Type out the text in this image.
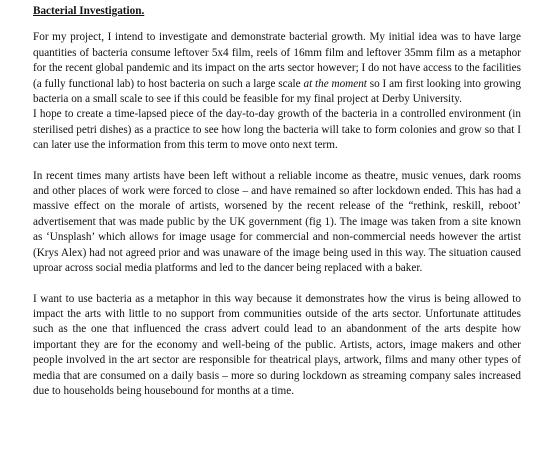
Bacterial Investigation.

For my project, I intend to investigate and demonstrate bacterial growth. My initial idea was to have large quantities of bacteria consume leftover 5x4 film, reels of 16mm film and leftover 35mm film as a metaphor for the recent global pandemic and its impact on the arts sector however; I do not have access to the facilities (a fully functional lab) to host bacteria on such a large scale at the moment so I am first looking into growing bacteria on a small scale to see if this could be feasible for my final project at Derby University.

I hope to create a time-lapsed piece of the day-to-day growth of the bacteria in a controlled environment (in sterilised petri dishes) as a practice to see how long the bacteria will take to form colonies and grow so that I can later use the information from this term to move onto next term.

In recent times many artists have been left without a reliable income as theatre, music venues, dark rooms and other places of work were forced to close – and have remained so after lockdown ended. This has had a massive effect on the morale of artists, worsened by the recent release of the “rethink, reskill, reboot’ advertisement that was made public by the UK government (fig 1). The image was taken from a site known as ‘Unsplash’ which allows for image usage for commercial and non-commercial needs however the artist (Krys Alex) had not agreed prior and was unaware of the image being used in this way. The situation caused uproar across social media platforms and led to the dancer being replaced with a baker.

I want to use bacteria as a metaphor in this way because it demonstrates how the virus is being allowed to impact the arts with little to no support from communities outside of the arts sector. Unfortunate attitudes such as the one that influenced the crass advert could lead to an abandonment of the arts despite how important they are for the economy and well-being of the public. Artists, actors, image makers and other people involved in the art sector are responsible for theatrical plays, artwork, films and many other types of media that are consumed on a daily basis – more so during lockdown as streaming company sales increased due to households being housebound for months at a time.
